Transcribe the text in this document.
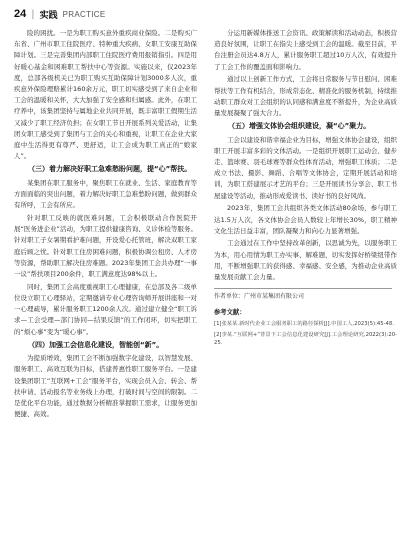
24 | 实践 PRACTICE

险的困扰。一是为职工购买意外重疾商业保险。二是购买广东省、广州市职工住院医疗、特种重大疾病、女职工安康互助保障计划。三是完善集团内部职工住院医疗费用报销指引。四是用好暖心基金和困难职工帮扶中心等资源。实施以来，仅2023年度，总部各级机关已为职工购买互助保障计划3000多人次，重疾意外保险理赔累计160余万元，职工切实感受到了来自企业和工会的温暖和关怀，大大加强了安全感和归属感。此外，在职工疗养中，该集团坚持与属地企业共同开展，既丰富职工假期生活又减少了职工经济负担；在女职工节日开展系列关爱活动，让集团女职工感受到了集团与工会的关心和重视，让职工在企业大家庭中生活得更有尊严、更舒适，让工会成为职工真正的“娘家人”。

（三）着力解决好职工急难愁盼问题，提“心”帮扶。

某集团在职工服务中，聚焦职工在就业、生活、家庭教育等方面面临的突出问题，着力解决好职工急难愁盼问题，做到群众有所呼，工会有所应。

针对职工反映的就医难问题，工会积极联动合作医院开展“医务进企业”活动，为职工提供健康咨询、义诊体检等服务。针对职工子女暑期看护难问题，开设爱心托管班，解决双职工家庭后顾之忧。针对职工住房困难问题，积极协调公租房、人才房等资源，帮助职工解决住房难题。2023年集团工会共办理“一事一议”帮扶项目200余件，职工满意度达98%以上。

同时，集团工会高度重视职工心理健康，在总部及各二级单位设立职工心理驿站，定期邀请专业心理咨询师开展讲座和一对一心理疏导，累计服务职工1200余人次。通过建立健全“职工诉求—工会受理—部门协同—结果反馈”的工作闭环，切实把职工的“烦心事”变为“暖心事”。

（四）加强工会信息化建设，智能创“新”。

为提质增效，集团工会不断加强数字化建设，以智慧发展、服务职工、高效互联为目标，搭建普惠性职工服务平台。一是建设集团职工“互联网+工会”服务平台，实现会员入会、转会、帮扶申请、活动报名等业务线上办理，打破时间与空间的限制。二是优化平台功能，通过数据分析精准掌握职工需求，让服务更加便捷、高效。

分运用新媒体推送工会资讯、政策解读和活动动态，积极营造良好氛围，让职工在指尖上感受到工会的温暖。截至目前，平台注册会员达4.8万人，累计服务职工超过10万人次，有效提升了工会工作的覆盖面和影响力。

通过以上创新工作方式，工会将日常服务与节日慰问、困难帮扶等工作有机结合，形成常态化、精准化的服务机制，持续推动职工群众对工会组织的认同感和满意度不断提升，为企业高质量发展凝聚了强大合力。

（五）增强文体协会组织建设，凝“心”聚力。

工会以建设和谐幸福企业为目标，增强文体协会建设，组织职工开展丰富多彩的文体活动。一是组织开展职工运动会、健步走、篮球赛、羽毛球赛等群众性体育活动，增强职工体质；二是成立书法、摄影、舞蹈、合唱等文体协会，定期开展活动和培训，为职工搭建展示才艺的平台；三是开展读书分享会、职工书屋建设等活动，推动形成爱读书、读好书的良好风尚。

2023年，集团工会共组织各类文体活动80余场，参与职工达1.5万人次，各文体协会会员人数较上年增长30%，职工精神文化生活日益丰富，团队凝聚力和向心力显著增强。

工会通过在工作中坚持改革创新，以思诚为先，以服务职工为本，用心用情为职工办实事、解难题，切实发挥好桥梁纽带作用，不断增强职工的获得感、幸福感、安全感，为推动企业高质量发展贡献工会力量。

作者单位：广州市某集团有限公司
参考文献：
[1]张某某.新时代企业工会服务职工的路径探析[J].中国工人,2023(5):45-48.
[2]李某.“互联网+”背景下工会信息化建设研究[J].工会理论研究,2022(3):20-25.
